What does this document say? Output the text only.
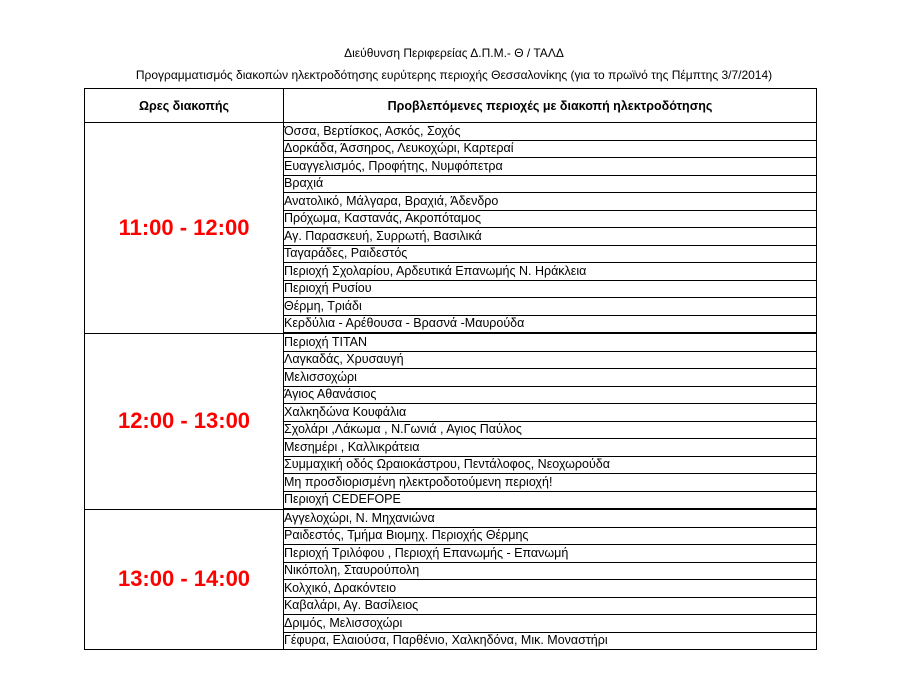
Διεύθυνση Περιφερείας Δ.Π.Μ.- Θ / ΤΑΛΔ
Προγραμματισμός διακοπών ηλεκτροδότησης ευρύτερης περιοχής Θεσσαλονίκης (για το πρωϊνό της Πέμπτης 3/7/2014)
Ωρες διακοπής	Προβλεπόμενες περιοχές με διακοπή ηλεκτροδότησης
11:00 - 12:00	Όσσα, Βερτίσκος, Ασκός, Σοχός
	Δορκάδα, Άσσηρος, Λευκοχώρι, Καρτεραί
	Ευαγγελισμός, Προφήτης, Νυμφόπετρα
	Βραχιά
	Ανατολικό, Μάλγαρα, Βραχιά, Άδενδρο
	Πρόχωμα, Καστανάς, Ακροπόταμος
	Αγ. Παρασκευή, Συρρωτή, Βασιλικά
	Ταγαράδες, Ραιδεστός
	Περιοχή Σχολαρίου, Αρδευτικά Επανωμής Ν. Ηράκλεια
	Περιοχή Ρυσίου
	Θέρμη, Τριάδι
	Κερδύλια - Αρέθουσα - Βρασνά -Μαυρούδα
12:00 - 13:00	Περιοχή ΤΙΤΑΝ
	Λαγκαδάς, Χρυσαυγή
	Μελισσοχώρι
	Άγιος Αθανάσιος
	Χαλκηδώνα Κουφάλια
	Σχολάρι ,Λάκωμα , Ν.Γωνιά , Αγιος Παύλος
	Μεσημέρι , Καλλικράτεια
	Συμμαχική οδός Ωραιοκάστρου, Πεντάλοφος, Νεοχωρούδα
	Μη προσδιορισμένη ηλεκτροδοτούμενη περιοχή!
	Περιοχή CEDEFOPE
13:00 - 14:00	Αγγελοχώρι, Ν. Μηχανιώνα
	Ραιδεστός, Τμήμα Βιομηχ. Περιοχής Θέρμης
	Περιοχή Τριλόφου , Περιοχή Επανωμής - Επανωμή
	Νικόπολη, Σταυρούπολη
	Κολχικό, Δρακόντειο
	Καβαλάρι, Αγ. Βασίλειος
	Δριμός, Μελισσοχώρι
	Γέφυρα, Ελαιούσα, Παρθένιο, Χαλκηδόνα, Μικ. Μοναστήρι
